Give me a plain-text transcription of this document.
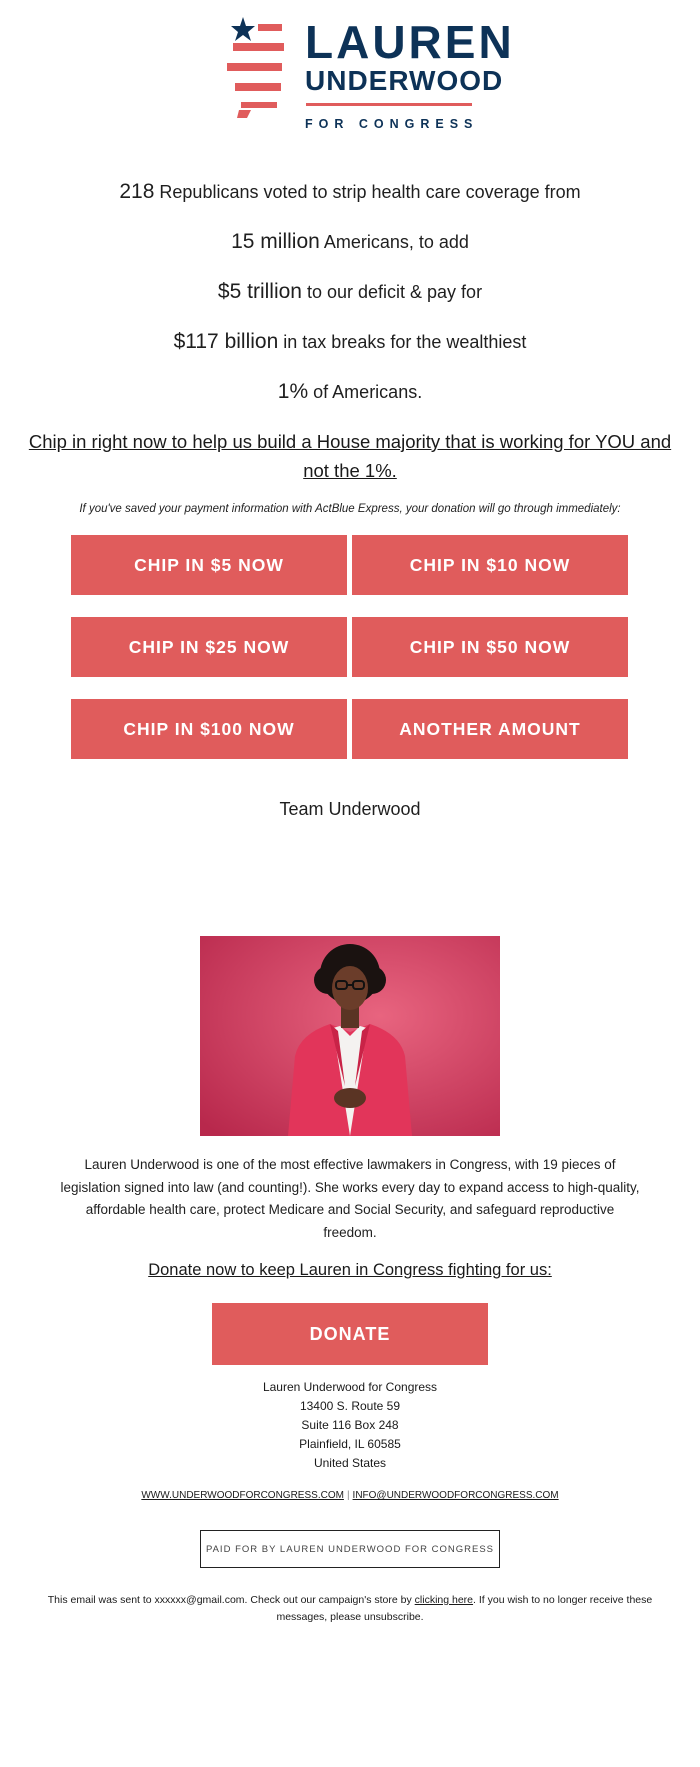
LAUREN
UNDERWOOD
FOR CONGRESS
218 Republicans voted to strip health care coverage from
15 million Americans, to add
$5 trillion to our deficit & pay for
$117 billion in tax breaks for the wealthiest
1% of Americans.
Chip in right now to help us build a House majority that is working for YOU and not the 1%.
If you've saved your payment information with ActBlue Express, your donation will go through immediately:
CHIP IN $5 NOW	CHIP IN $10 NOW
CHIP IN $25 NOW	CHIP IN $50 NOW
CHIP IN $100 NOW	ANOTHER AMOUNT
Team Underwood
Lauren Underwood is one of the most effective lawmakers in Congress, with 19 pieces of legislation signed into law (and counting!). She works every day to expand access to high-quality, affordable health care, protect Medicare and Social Security, and safeguard reproductive freedom.
Donate now to keep Lauren in Congress fighting for us:
DONATE
Lauren Underwood for Congress
13400 S. Route 59
Suite 116 Box 248
Plainfield, IL 60585
United States
WWW.UNDERWOODFORCONGRESS.COM | INFO@UNDERWOODFORCONGRESS.COM
PAID FOR BY LAUREN UNDERWOOD FOR CONGRESS
This email was sent to xxxxxx@gmail.com. Check out our campaign's store by clicking here. If you wish to no longer receive these messages, please unsubscribe.
